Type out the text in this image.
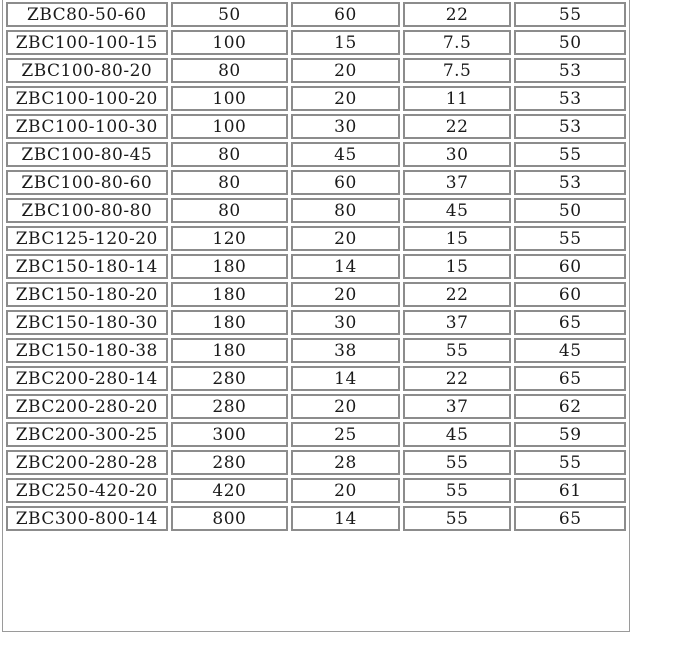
ZBC80-50-60	50	60	22	55
ZBC100-100-15	100	15	7.5	50
ZBC100-80-20	80	20	7.5	53
ZBC100-100-20	100	20	11	53
ZBC100-100-30	100	30	22	53
ZBC100-80-45	80	45	30	55
ZBC100-80-60	80	60	37	53
ZBC100-80-80	80	80	45	50
ZBC125-120-20	120	20	15	55
ZBC150-180-14	180	14	15	60
ZBC150-180-20	180	20	22	60
ZBC150-180-30	180	30	37	65
ZBC150-180-38	180	38	55	45
ZBC200-280-14	280	14	22	65
ZBC200-280-20	280	20	37	62
ZBC200-300-25	300	25	45	59
ZBC200-280-28	280	28	55	55
ZBC250-420-20	420	20	55	61
ZBC300-800-14	800	14	55	65
